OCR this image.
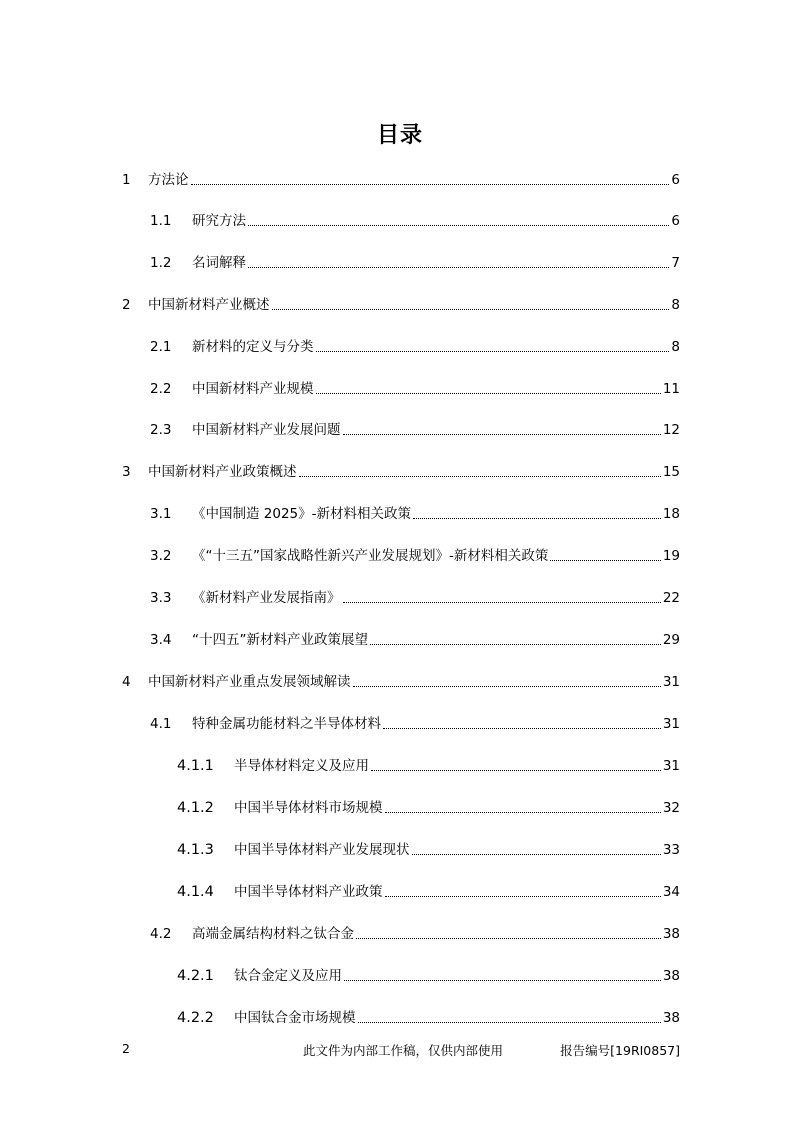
目录
1	方法论	6
1.1	研究方法	6
1.2	名词解释	7
2	中国新材料产业概述	8
2.1	新材料的定义与分类	8
2.2	中国新材料产业规模	11
2.3	中国新材料产业发展问题	12
3	中国新材料产业政策概述	15
3.1	《中国制造 2025》-新材料相关政策	18
3.2	《“十三五”国家战略性新兴产业发展规划》-新材料相关政策	19
3.3	《新材料产业发展指南》	22
3.4	“十四五”新材料产业政策展望	29
4	中国新材料产业重点发展领域解读	31
4.1	特种金属功能材料之半导体材料	31
4.1.1	半导体材料定义及应用	31
4.1.2	中国半导体材料市场规模	32
4.1.3	中国半导体材料产业发展现状	33
4.1.4	中国半导体材料产业政策	34
4.2	高端金属结构材料之钛合金	38
4.2.1	钛合金定义及应用	38
4.2.2	中国钛合金市场规模	38
2	此文件为内部工作稿，仅供内部使用	报告编号[19RI0857]
